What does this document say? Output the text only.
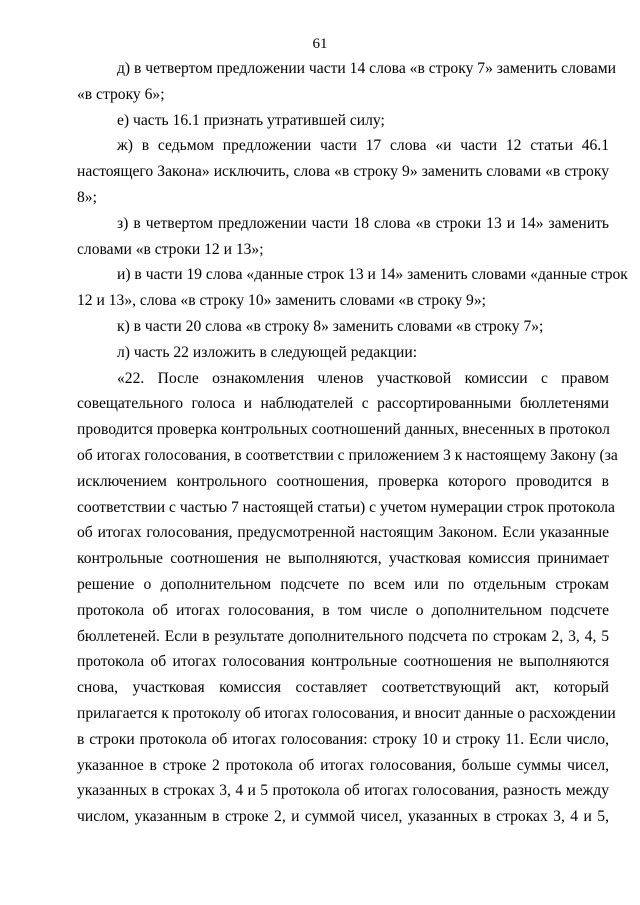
61
д) в четвертом предложении части 14 слова «в строку 7» заменить словами
«в строку 6»;
е) часть 16.1 признать утратившей силу;
ж) в седьмом предложении части 17 слова «и части 12 статьи 46.1
настоящего Закона» исключить, слова «в строку 9» заменить словами «в строку
8»;
з) в четвертом предложении части 18 слова «в строки 13 и 14» заменить
словами «в строки 12 и 13»;
и) в части 19 слова «данные строк 13 и 14» заменить словами «данные строк
12 и 13», слова «в строку 10» заменить словами «в строку 9»;
к) в части 20 слова «в строку 8» заменить словами «в строку 7»;
л) часть 22 изложить в следующей редакции:
«22. После ознакомления членов участковой комиссии с правом
совещательного голоса и наблюдателей с рассортированными бюллетенями
проводится проверка контрольных соотношений данных, внесенных в протокол
об итогах голосования, в соответствии с приложением 3 к настоящему Закону (за
исключением контрольного соотношения, проверка которого проводится в
соответствии с частью 7 настоящей статьи) с учетом нумерации строк протокола
об итогах голосования, предусмотренной настоящим Законом. Если указанные
контрольные соотношения не выполняются, участковая комиссия принимает
решение о дополнительном подсчете по всем или по отдельным строкам
протокола об итогах голосования, в том числе о дополнительном подсчете
бюллетеней. Если в результате дополнительного подсчета по строкам 2, 3, 4, 5
протокола об итогах голосования контрольные соотношения не выполняются
снова, участковая комиссия составляет соответствующий акт, который
прилагается к протоколу об итогах голосования, и вносит данные о расхождении
в строки протокола об итогах голосования: строку 10 и строку 11. Если число,
указанное в строке 2 протокола об итогах голосования, больше суммы чисел,
указанных в строках 3, 4 и 5 протокола об итогах голосования, разность между
числом, указанным в строке 2, и суммой чисел, указанных в строках 3, 4 и 5,
